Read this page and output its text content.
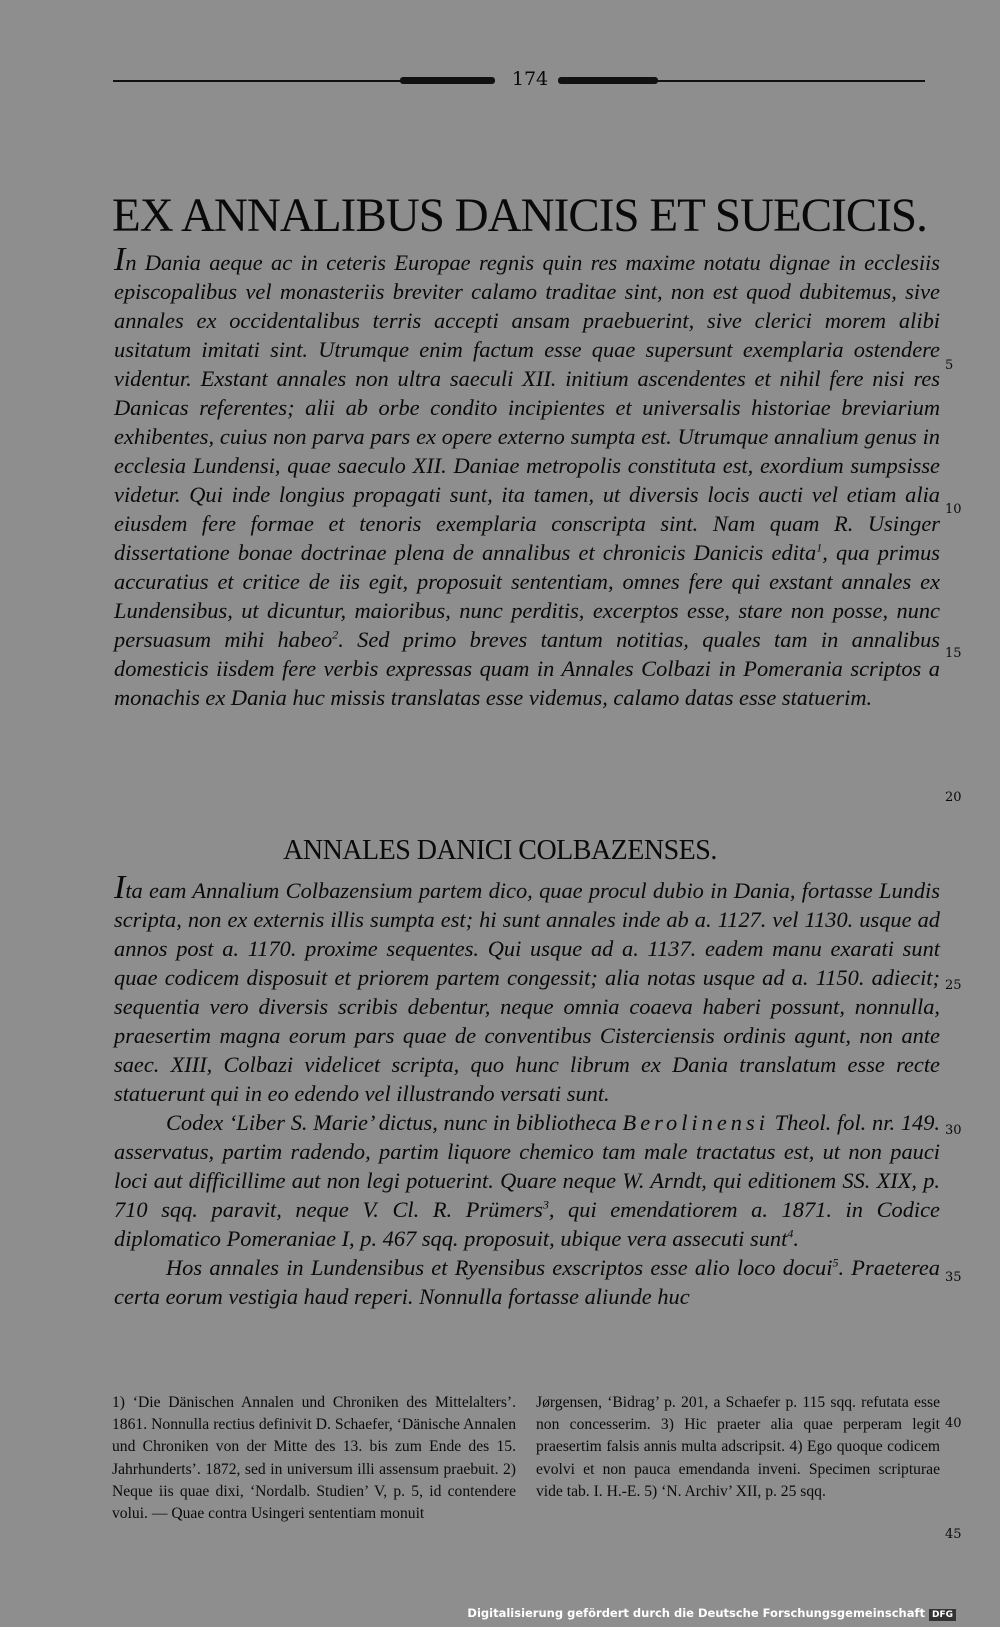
174
EX ANNALIBUS DANICIS ET SUECICIS.

In Dania aeque ac in ceteris Europae regnis quin res maxime notatu dignae in ecclesiis episcopalibus vel monasteriis breviter calamo traditae sint, non est quod dubitemus, sive annales ex occidentalibus terris accepti ansam praebuerint, sive clerici morem alibi usitatum imitati sint. Utrumque enim factum esse quae supersunt exemplaria ostendere videntur. Exstant annales non ultra saeculi XII. initium ascendentes et nihil fere nisi res Danicas referentes; alii ab orbe condito incipientes et universalis historiae breviarium exhibentes, cuius non parva pars ex opere externo sumpta est. Utrumque annalium genus in ecclesia Lundensi, quae saeculo XII. Daniae metropolis constituta est, exordium sumpsisse videtur. Qui inde longius propagati sunt, ita tamen, ut diversis locis aucti vel etiam alia eiusdem fere formae et tenoris exemplaria conscripta sint. Nam quam R. Usinger dissertatione bonae doctrinae plena de annalibus et chronicis Danicis edita$^1$, qua primus accuratius et critice de iis egit, proposuit sententiam, omnes fere qui exstant annales ex Lundensibus, ut dicuntur, maioribus, nunc perditis, excerptos esse, stare non posse, nunc persuasum mihi habeo$^2$. Sed primo breves tantum notitias, quales tam in annalibus domesticis iisdem fere verbis expressas quam in Annales Colbazi in Pomerania scriptos a monachis ex Dania huc missis translatas esse videmus, calamo datas esse statuerim.

ANNALES DANICI COLBAZENSES.

Ita eam Annalium Colbazensium partem dico, quae procul dubio in Dania, fortasse Lundis scripta, non ex externis illis sumpta est; hi sunt annales inde ab a. 1127. vel 1130. usque ad annos post a. 1170. proxime sequentes. Qui usque ad a. 1137. eadem manu exarati sunt quae codicem disposuit et priorem partem congessit; alia notas usque ad a. 1150. adiecit; sequentia vero diversis scribis debentur, neque omnia coaeva haberi possunt, nonnulla, praesertim magna eorum pars quae de conventibus Cisterciensis ordinis agunt, non ante saec. XIII, Colbazi videlicet scripta, quo hunc librum ex Dania translatum esse recte statuerunt qui in eo edendo vel illustrando versati sunt.

Codex ‘Liber S. Marie’ dictus, nunc in bibliotheca Berolinensi Theol. fol. nr. 149. asservatus, partim radendo, partim liquore chemico tam male tractatus est, ut non pauci loci aut difficillime aut non legi potuerint. Quare neque W. Arndt, qui editionem SS. XIX, p. 710 sqq. paravit, neque V. Cl. R. Prümers$^3$, qui emendatiorem a. 1871. in Codice diplomatico Pomeraniae I, p. 467 sqq. proposuit, ubique vera assecuti sunt$^4$.

Hos annales in Lundensibus et Ryensibus exscriptos esse alio loco docui$^5$. Praeterea certa eorum vestigia haud reperi. Nonnulla fortasse aliunde huc

5
10
15
20
25
30
35
40
45

1) ‘Die Dänischen Annalen und Chroniken des Mittelalters’. 1861. Nonnulla rectius definivit D. Schaefer, ‘Dänische Annalen und Chroniken von der Mitte des 13. bis zum Ende des 15. Jahrhunderts’. 1872, sed in universum illi assensum praebuit. 2) Neque iis quae dixi, ‘Nordalb. Studien’ V, p. 5, id contendere volui. — Quae contra Usingeri sententiam monuit

Jørgensen, ‘Bidrag’ p. 201, a Schaefer p. 115 sqq. refutata esse non concesserim. 3) Hic praeter alia quae perperam legit praesertim falsis annis multa adscripsit. 4) Ego quoque codicem evolvi et non pauca emendanda inveni. Specimen scripturae vide tab. I. H.-E. 5) ‘N. Archiv’ XII, p. 25 sqq.

Digitalisierung gefördert durch die Deutsche Forschungsgemeinschaft DFG
